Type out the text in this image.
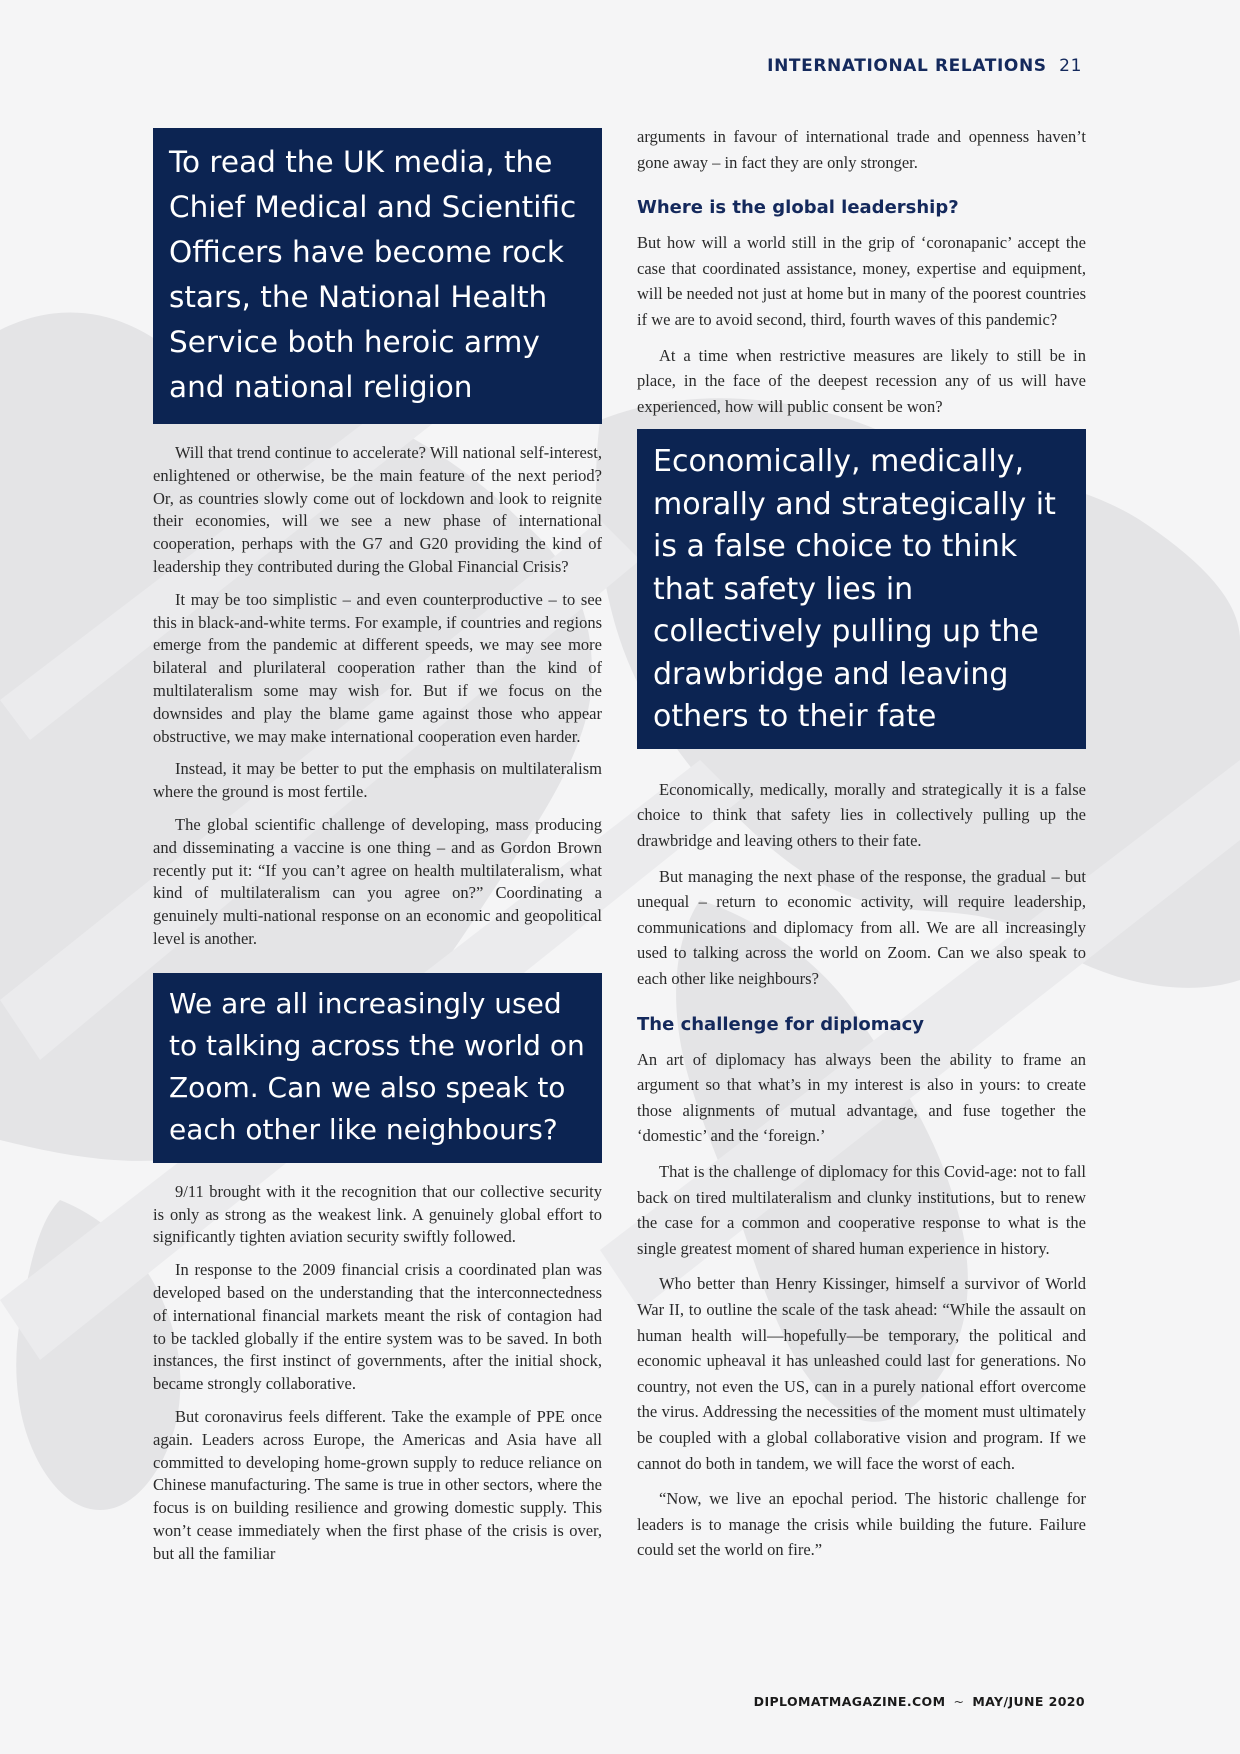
INTERNATIONAL RELATIONS 21
To read the UK media, the Chief Medical and Scientific Officers have become rock stars, the National Health Service both heroic army and national religion

Will that trend continue to accelerate? Will national self-interest, enlightened or otherwise, be the main feature of the next period? Or, as countries slowly come out of lockdown and look to reignite their economies, will we see a new phase of international cooperation, perhaps with the G7 and G20 providing the kind of leadership they contributed during the Global Financial Crisis?

It may be too simplistic – and even counterproductive – to see this in black-and-white terms. For example, if countries and regions emerge from the pandemic at different speeds, we may see more bilateral and plurilateral cooperation rather than the kind of multilateralism some may wish for. But if we focus on the downsides and play the blame game against those who appear obstructive, we may make international cooperation even harder.

Instead, it may be better to put the emphasis on multilateralism where the ground is most fertile.

The global scientific challenge of developing, mass producing and disseminating a vaccine is one thing – and as Gordon Brown recently put it: “If you can’t agree on health multilateralism, what kind of multilateralism can you agree on?” Coordinating a genuinely multi-national response on an economic and geopolitical level is another.

We are all increasingly used to talking across the world on Zoom. Can we also speak to each other like neighbours?

9/11 brought with it the recognition that our collective security is only as strong as the weakest link. A genuinely global effort to significantly tighten aviation security swiftly followed.

In response to the 2009 financial crisis a coordinated plan was developed based on the understanding that the interconnectedness of international financial markets meant the risk of contagion had to be tackled globally if the entire system was to be saved. In both instances, the first instinct of governments, after the initial shock, became strongly collaborative.

But coronavirus feels different. Take the example of PPE once again. Leaders across Europe, the Americas and Asia have all committed to developing home-grown supply to reduce reliance on Chinese manufacturing. The same is true in other sectors, where the focus is on building resilience and growing domestic supply. This won’t cease immediately when the first phase of the crisis is over, but all the familiar

arguments in favour of international trade and openness haven’t gone away – in fact they are only stronger.

Where is the global leadership?

But how will a world still in the grip of ‘coronapanic’ accept the case that coordinated assistance, money, expertise and equipment, will be needed not just at home but in many of the poorest countries if we are to avoid second, third, fourth waves of this pandemic?

At a time when restrictive measures are likely to still be in place, in the face of the deepest recession any of us will have experienced, how will public consent be won?

Economically, medically, morally and strategically it is a false choice to think that safety lies in collectively pulling up the drawbridge and leaving others to their fate

Economically, medically, morally and strategically it is a false choice to think that safety lies in collectively pulling up the drawbridge and leaving others to their fate.

But managing the next phase of the response, the gradual – but unequal – return to economic activity, will require leadership, communications and diplomacy from all. We are all increasingly used to talking across the world on Zoom. Can we also speak to each other like neighbours?

The challenge for diplomacy

An art of diplomacy has always been the ability to frame an argument so that what’s in my interest is also in yours: to create those alignments of mutual advantage, and fuse together the ‘domestic’ and the ‘foreign.’

That is the challenge of diplomacy for this Covid-age: not to fall back on tired multilateralism and clunky institutions, but to renew the case for a common and cooperative response to what is the single greatest moment of shared human experience in history.

Who better than Henry Kissinger, himself a survivor of World War II, to outline the scale of the task ahead: “While the assault on human health will—hopefully—be temporary, the political and economic upheaval it has unleashed could last for generations. No country, not even the US, can in a purely national effort overcome the virus. Addressing the necessities of the moment must ultimately be coupled with a global collaborative vision and program. If we cannot do both in tandem, we will face the worst of each.

“Now, we live an epochal period. The historic challenge for leaders is to manage the crisis while building the future. Failure could set the world on fire.”

DIPLOMATMAGAZINE.COM ~ MAY/JUNE 2020
